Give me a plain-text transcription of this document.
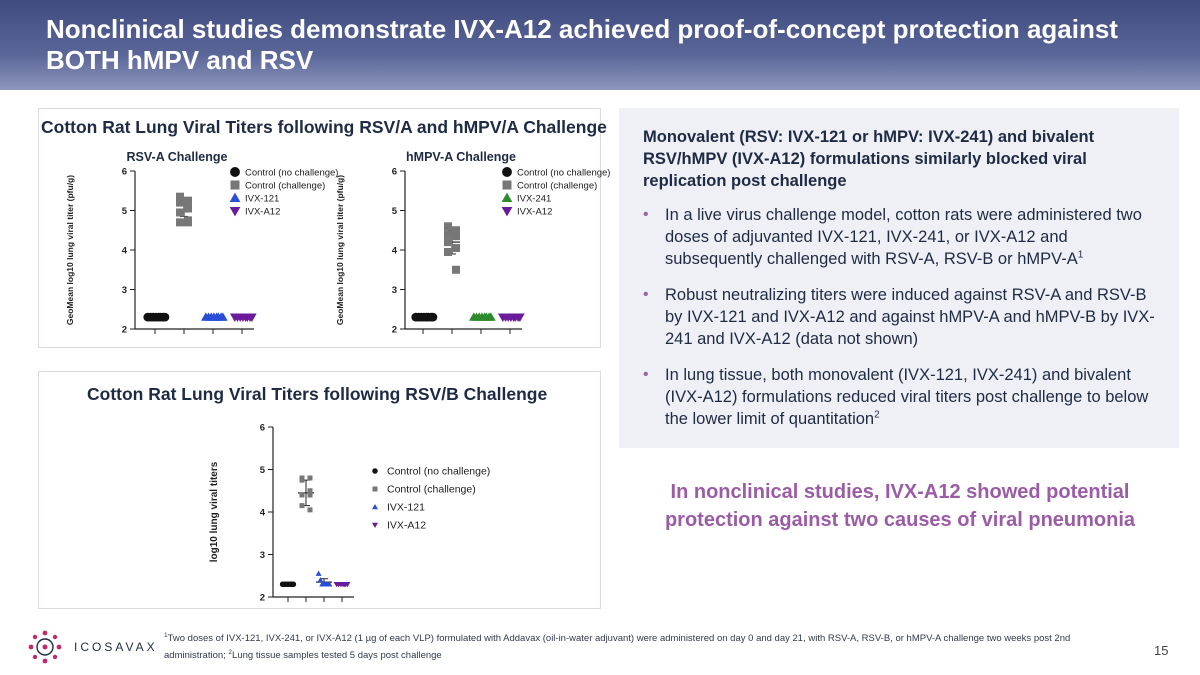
Nonclinical studies demonstrate IVX-A12 achieved proof-of-concept protection against BOTH hMPV and RSV
Cotton Rat Lung Viral Titers following RSV/A and hMPV/A Challenge
RSV-A Challenge
GeoMean log10 lung viral titer (pfu/g)
2
3
4
5
6	Control (no challenge)
Control (challenge)
IVX-121
IVX-A12
hMPV-A Challenge
GeoMean log10 lung viral titer (pfu/g)
2
3
4
5
6	Control (no challenge)
Control (challenge)
IVX-241
IVX-A12
Cotton Rat Lung Viral Titers following RSV/B Challenge
log10 lung viral titers
2
3
4
5
6
Control (no challenge)
Control (challenge)
IVX-121
IVX-A12
Monovalent (RSV: IVX-121 or hMPV: IVX-241) and bivalent RSV/hMPV (IVX-A12) formulations similarly blocked viral replication post challenge
• In a live virus challenge model, cotton rats were administered two doses of adjuvanted IVX-121, IVX-241, or IVX-A12 and subsequently challenged with RSV-A, RSV-B or hMPV-$A^1$
• Robust neutralizing titers were induced against RSV-A and RSV-B by IVX-121 and IVX-A12 and against hMPV-A and hMPV-B by IVX-241 and IVX-A12 (data not shown)
• In lung tissue, both monovalent (IVX-121, IVX-241) and bivalent (IVX-A12) formulations reduced viral titers post challenge to below the lower limit of quantitation$^2$
In nonclinical studies, IVX-A12 showed potential protection against two causes of viral pneumonia
ICOSAVAX
$^1$Two doses of IVX-121, IVX-241, or IVX-A12 (1 µg of each VLP) formulated with Addavax (oil-in-water adjuvant) were administered on day 0 and day 21, with RSV-A, RSV-B, or hMPV-A challenge two weeks post 2nd administration; $^2$Lung tissue samples tested 5 days post challenge	15
